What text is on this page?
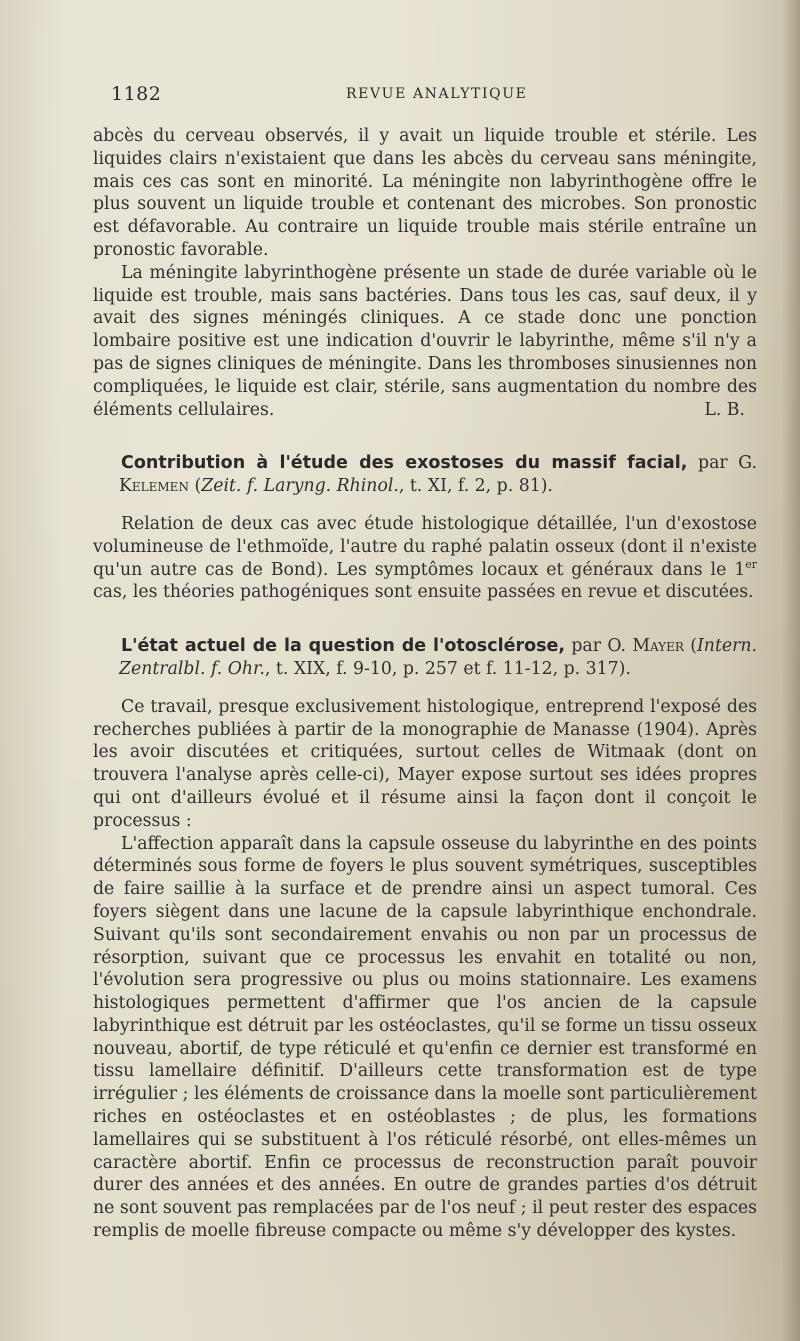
1182	REVUE ANALYTIQUE

abcès du cerveau observés, il y avait un liquide trouble et stérile. Les liquides clairs n'existaient que dans les abcès du cerveau sans méningite, mais ces cas sont en minorité. La méningite non labyrinthogène offre le plus souvent un liquide trouble et contenant des microbes. Son pronostic est défavorable. Au contraire un liquide trouble mais stérile entraîne un pronostic favorable.

La méningite labyrinthogène présente un stade de durée variable où le liquide est trouble, mais sans bactéries. Dans tous les cas, sauf deux, il y avait des signes méningés cliniques. A ce stade donc une ponction lombaire positive est une indication d'ouvrir le labyrinthe, même s'il n'y a pas de signes cliniques de méningite. Dans les thromboses sinusiennes non compliquées, le liquide est clair, stérile, sans augmentation du nombre des éléments cellulaires.	L. B.

Contribution à l'étude des exostoses du massif facial, par G. Kelemen (Zeit. f. Laryng. Rhinol., t. XI, f. 2, p. 81).

Relation de deux cas avec étude histologique détaillée, l'un d'exostose volumineuse de l'ethmoïde, l'autre du raphé palatin osseux (dont il n'existe qu'un autre cas de Bond). Les symptômes locaux et généraux dans le 1er cas, les théories pathogéniques sont ensuite passées en revue et discutées.

L'état actuel de la question de l'otosclérose, par O. Mayer (Intern. Zentralbl. f. Ohr., t. XIX, f. 9-10, p. 257 et f. 11-12, p. 317).

Ce travail, presque exclusivement histologique, entreprend l'exposé des recherches publiées à partir de la monographie de Manasse (1904). Après les avoir discutées et critiquées, surtout celles de Witmaak (dont on trouvera l'analyse après celle-ci), Mayer expose surtout ses idées propres qui ont d'ailleurs évolué et il résume ainsi la façon dont il conçoit le processus :

L'affection apparaît dans la capsule osseuse du labyrinthe en des points déterminés sous forme de foyers le plus souvent symétriques, susceptibles de faire saillie à la surface et de prendre ainsi un aspect tumoral. Ces foyers siègent dans une lacune de la capsule labyrinthique enchondrale. Suivant qu'ils sont secondairement envahis ou non par un processus de résorption, suivant que ce processus les envahit en totalité ou non, l'évolution sera progressive ou plus ou moins stationnaire. Les examens histologiques permettent d'affirmer que l'os ancien de la capsule labyrinthique est détruit par les ostéoclastes, qu'il se forme un tissu osseux nouveau, abortif, de type réticulé et qu'enfin ce dernier est transformé en tissu lamellaire définitif. D'ailleurs cette transformation est de type irrégulier ; les éléments de croissance dans la moelle sont particulièrement riches en ostéoclastes et en ostéoblastes ; de plus, les formations lamellaires qui se substituent à l'os réticulé résorbé, ont elles-mêmes un caractère abortif. Enfin ce processus de reconstruction paraît pouvoir durer des années et des années. En outre de grandes parties d'os détruit ne sont souvent pas remplacées par de l'os neuf ; il peut rester des espaces remplis de moelle fibreuse compacte ou même s'y développer des kystes.
